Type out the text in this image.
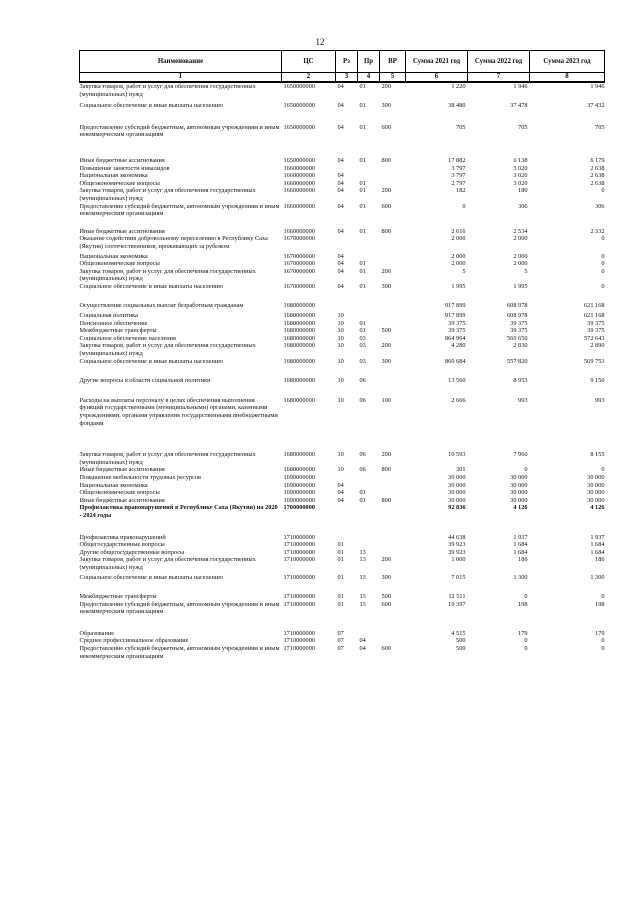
12
Наименование	ЦС	Рз	Пр	ВР	Сумма 2021 год	Сумма 2022 год	Сумма 2023 год
1	2	3	4	5	6	7	8
Закупка товаров, работ и услуг для обеспечения государственных (муниципальных) нужд	1650000000	04	01	200	1 220	1 946	1 946
Социальное обеспечение и иные выплаты населению	1650000000	04	01	300	38 480	37 478	37 432
Предоставление субсидий бюджетным, автономным учреждениям и иным некоммерческим организациям	1650000000	04	01	600	705	705	705
Иные бюджетные ассигнования	1650000000	04	01	800	17 882	6 138	6 179
Повышение занятости инвалидов	1660000000				3 797	3 020	2 638
Национальная экономика	1660000000	04			3 797	3 020	2 638
Общеэкономические вопросы	1660000000	04	01		2 797	3 020	2 638
Закупка товаров, работ и услуг для обеспечения государственных (муниципальных) нужд	1660000000	04	01	200	182	180	0
Предоставление субсидий бюджетным, автономным учреждениям и иным некоммерческим организациям	1660000000	04	01	600	0	306	306
Иные бюджетные ассигнования	1660000000	04	01	800	2 616	2 534	2 332
Оказание содействия добровольному переселению в Республику Саха (Якутия) соотечественников, проживающих за рубежом	1670000000				2 000	2 000	0
Национальная экономика	1670000000	04			2 000	2 000	0
Общеэкономические вопросы	1670000000	04	01		2 000	2 000	0
Закупка товаров, работ и услуг для обеспечения государственных (муниципальных) нужд	1670000000	04	01	200	5	5	0
Социальное обеспечение и иные выплаты населению	1670000000	04	01	300	1 995	1 995	0
Осуществление социальных выплат безработным гражданам	1680000000				917 899	608 978	621 168
Социальная политика	1680000000	10			917 899	608 978	621 168
Пенсионное обеспечение	1680000000	10	01		39 375	39 375	39 375
Межбюджетные трансферты	1680000000	10	01	500	39 375	39 375	39 375
Социальное обеспечение населения	1680000000	10	03		864 964	560 650	572 643
Закупка товаров, работ и услуг для обеспечения государственных (муниципальных) нужд	1680000000	10	03	200	4 280	2 830	2 890
Социальное обеспечение и иные выплаты населению	1680000000	10	03	300	860 684	557 820	569 753
Другие вопросы в области социальной политики	1680000000	10	06		13 560	8 953	9 150
Расходы на выплаты персоналу в целях обеспечения выполнения функций государственными (муниципальными) органами, казенными учреждениями, органами управления государственными внебюджетными фондами	1680000000	10	06	100	2 666	993	993
Закупка товаров, работ и услуг для обеспечения государственных (муниципальных) нужд	1680000000	10	06	200	10 593	7 960	8 155
Иные бюджетные ассигнования	1680000000	10	06	800	301	0	0
Повышение мобильности трудовых ресурсов	1690000000				30 000	30 000	30 000
Национальная экономика	1690000000	04			30 000	30 000	30 000
Общеэкономические вопросы	1690000000	04	01		30 000	30 000	30 000
Иные бюджетные ассигнования	1690000000	04	01	800	30 000	30 000	30 000
Профилактика правонарушений в Республике Саха (Якутия) на 2020 - 2024 годы	1700000000				92 836	4 126	4 126
Профилактика правонарушений	1710000000				44 638	1 937	1 937
Общегосударственные вопросы	1710000000	01			39 923	1 684	1 684
Другие общегосударственные вопросы	1710000000	01	13		39 923	1 684	1 684
Закупка товаров, работ и услуг для обеспечения государственных (муниципальных) нужд	1710000000	01	13	200	1 000	186	186
Социальное обеспечение и иные выплаты населению	1710000000	01	13	300	7 015	1 300	1 300
Межбюджетные трансферты	1710000000	01	13	500	12 511	0	0
Предоставление субсидий бюджетным, автономным учреждениям и иным некоммерческим организациям	1710000000	01	13	600	19 397	198	198
Образование	1710000000	07			4 515	179	179
Среднее профессиональное образование	1710000000	07	04		500	0	0
Предоставление субсидий бюджетным, автономным учреждениям и иным некоммерческим организациям	1710000000	07	04	600	500	0	0
